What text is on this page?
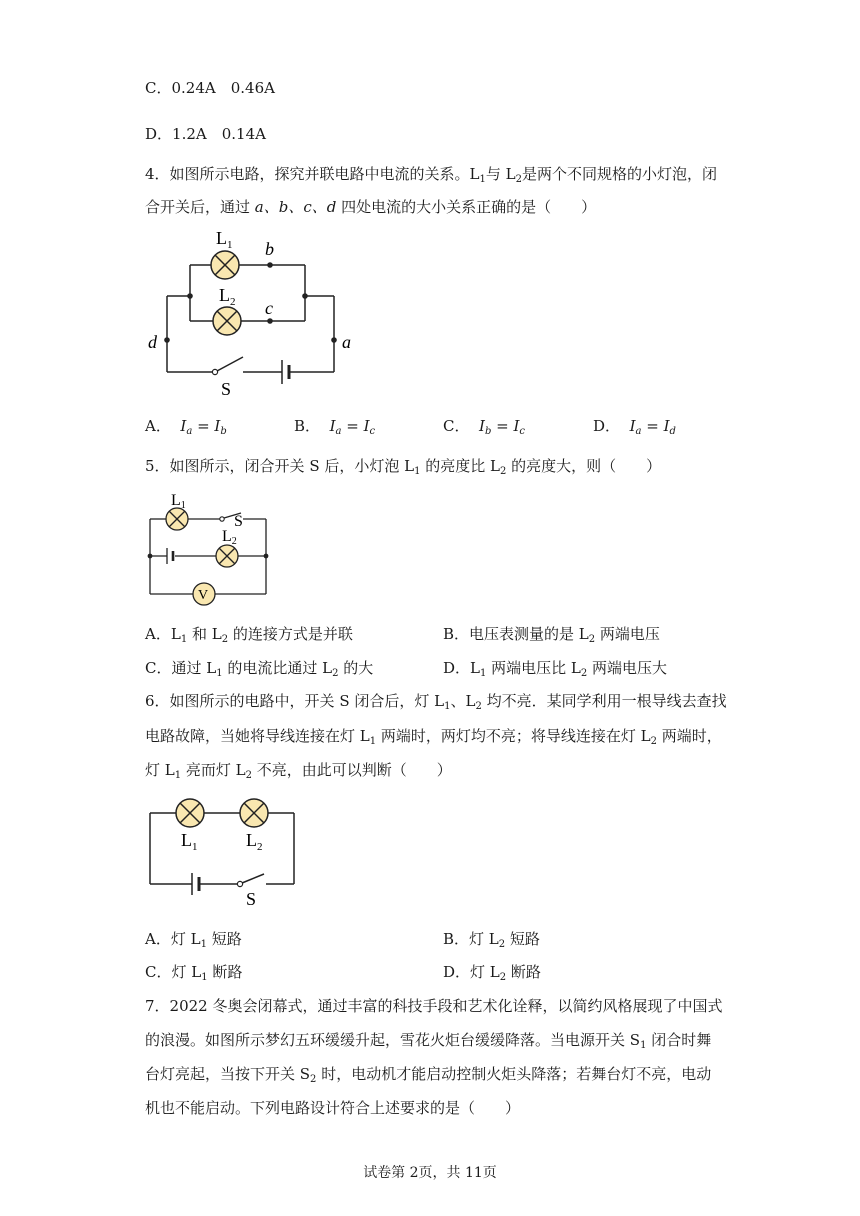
C．0.24A　0.46A
D．1.2A　0.14A
4．如图所示电路，探究并联电路中电流的关系。$L_1$与 $L_2$是两个不同规格的小灯泡，闭
合开关后，通过 a、b、c、d 四处电流的大小关系正确的是（　　）
$L_1$
$L_2$
b
c
d	a
S
A． $I_a = I_b$	B． $I_a = I_c$	C． $I_b = I_c$	D． $I_a = I_d$
5．如图所示，闭合开关 S 后，小灯泡 $L_1$ 的亮度比 $L_2$ 的亮度大，则（　　）
V
L1
S
L2
A．$L_1$ 和 $L_2$ 的连接方式是并联	B．电压表测量的是 $L_2$ 两端电压
C．通过 $L_1$ 的电流比通过 $L_2$ 的大	D．$L_1$ 两端电压比 $L_2$ 两端电压大
6．如图所示的电路中，开关 S 闭合后，灯 $L_1$、$L_2$ 均不亮．某同学利用一根导线去查找
电路故障，当她将导线连接在灯 $L_1$ 两端时，两灯均不亮；将导线连接在灯 $L_2$ 两端时，
灯 $L_1$ 亮而灯 $L_2$ 不亮，由此可以判断（　　）
$L_1$	$L_2$
S
A．灯 $L_1$ 短路	B．灯 $L_2$ 短路
C．灯 $L_1$ 断路	D．灯 $L_2$ 断路
7．2022 冬奥会闭幕式，通过丰富的科技手段和艺术化诠释，以简约风格展现了中国式
的浪漫。如图所示梦幻五环缓缓升起，雪花火炬台缓缓降落。当电源开关 $S_1$ 闭合时舞
台灯亮起，当按下开关 $S_2$ 时，电动机才能启动控制火炬头降落；若舞台灯不亮，电动
机也不能启动。下列电路设计符合上述要求的是（　　）
试卷第 2页，共 11页
